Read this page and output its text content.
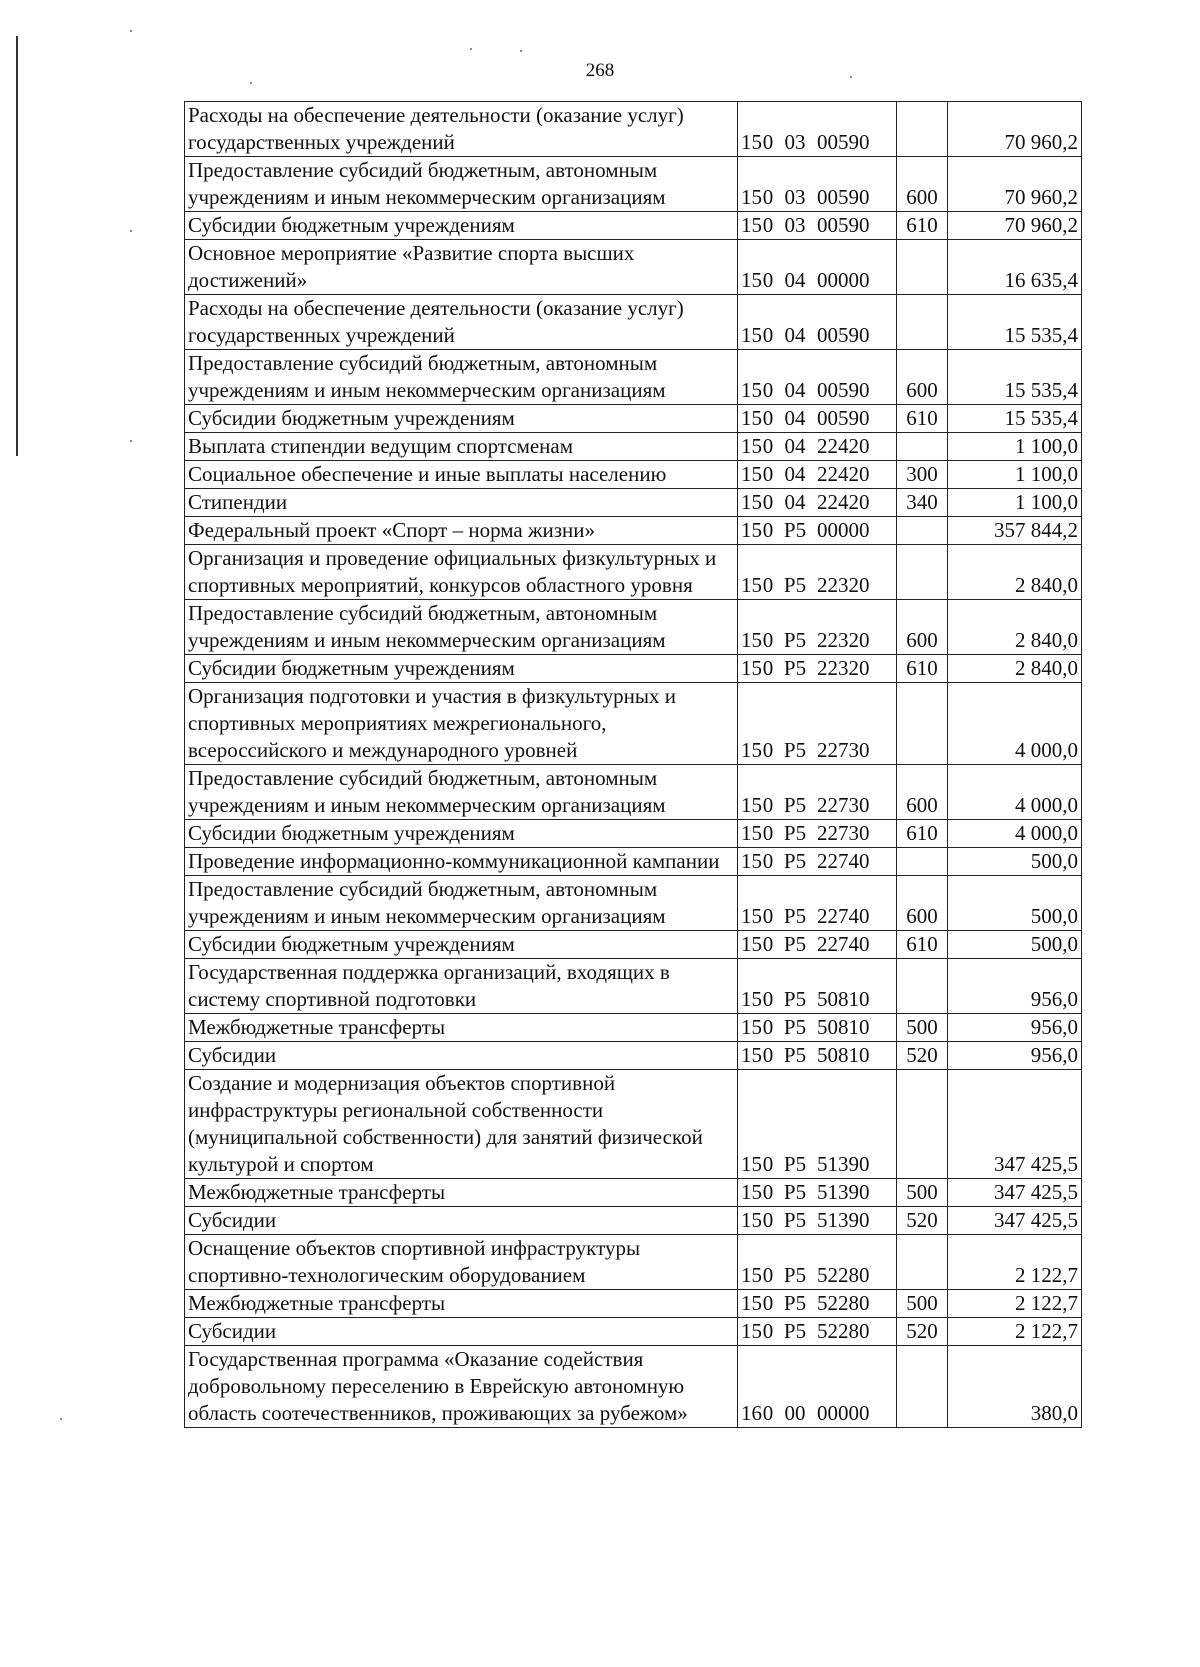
268
Расходы на обеспечение деятельности (оказание услуг) государственных учреждений	150 03 00590		70 960,2
Предоставление субсидий бюджетным, автономным учреждениям и иным некоммерческим организациям	150 03 00590	600	70 960,2
Субсидии бюджетным учреждениям	150 03 00590	610	70 960,2
Основное мероприятие «Развитие спорта высших достижений»	150 04 00000		16 635,4
Расходы на обеспечение деятельности (оказание услуг) государственных учреждений	150 04 00590		15 535,4
Предоставление субсидий бюджетным, автономным учреждениям и иным некоммерческим организациям	150 04 00590	600	15 535,4
Субсидии бюджетным учреждениям	150 04 00590	610	15 535,4
Выплата стипендии ведущим спортсменам	150 04 22420		1 100,0
Социальное обеспечение и иные выплаты населению	150 04 22420	300	1 100,0
Стипендии	150 04 22420	340	1 100,0
Федеральный проект «Спорт – норма жизни»	150 P5 00000		357 844,2
Организация и проведение официальных физкультурных и спортивных мероприятий, конкурсов областного уровня	150 P5 22320		2 840,0
Предоставление субсидий бюджетным, автономным учреждениям и иным некоммерческим организациям	150 P5 22320	600	2 840,0
Субсидии бюджетным учреждениям	150 P5 22320	610	2 840,0
Организация подготовки и участия в физкультурных и спортивных мероприятиях межрегионального, всероссийского и международного уровней	150 P5 22730		4 000,0
Предоставление субсидий бюджетным, автономным учреждениям и иным некоммерческим организациям	150 P5 22730	600	4 000,0
Субсидии бюджетным учреждениям	150 P5 22730	610	4 000,0
Проведение информационно-коммуникационной кампании	150 P5 22740		500,0
Предоставление субсидий бюджетным, автономным учреждениям и иным некоммерческим организациям	150 P5 22740	600	500,0
Субсидии бюджетным учреждениям	150 P5 22740	610	500,0
Государственная поддержка организаций, входящих в систему спортивной подготовки	150 P5 50810		956,0
Межбюджетные трансферты	150 P5 50810	500	956,0
Субсидии	150 P5 50810	520	956,0
Создание и модернизация объектов спортивной инфраструктуры региональной собственности (муниципальной собственности) для занятий физической культурой и спортом	150 P5 51390		347 425,5
Межбюджетные трансферты	150 P5 51390	500	347 425,5
Субсидии	150 P5 51390	520	347 425,5
Оснащение объектов спортивной инфраструктуры спортивно-технологическим оборудованием	150 P5 52280		2 122,7
Межбюджетные трансферты	150 P5 52280	500	2 122,7
Субсидии	150 P5 52280	520	2 122,7
Государственная программа «Оказание содействия добровольному переселению в Еврейскую автономную область соотечественников, проживающих за рубежом»	160 00 00000		380,0
